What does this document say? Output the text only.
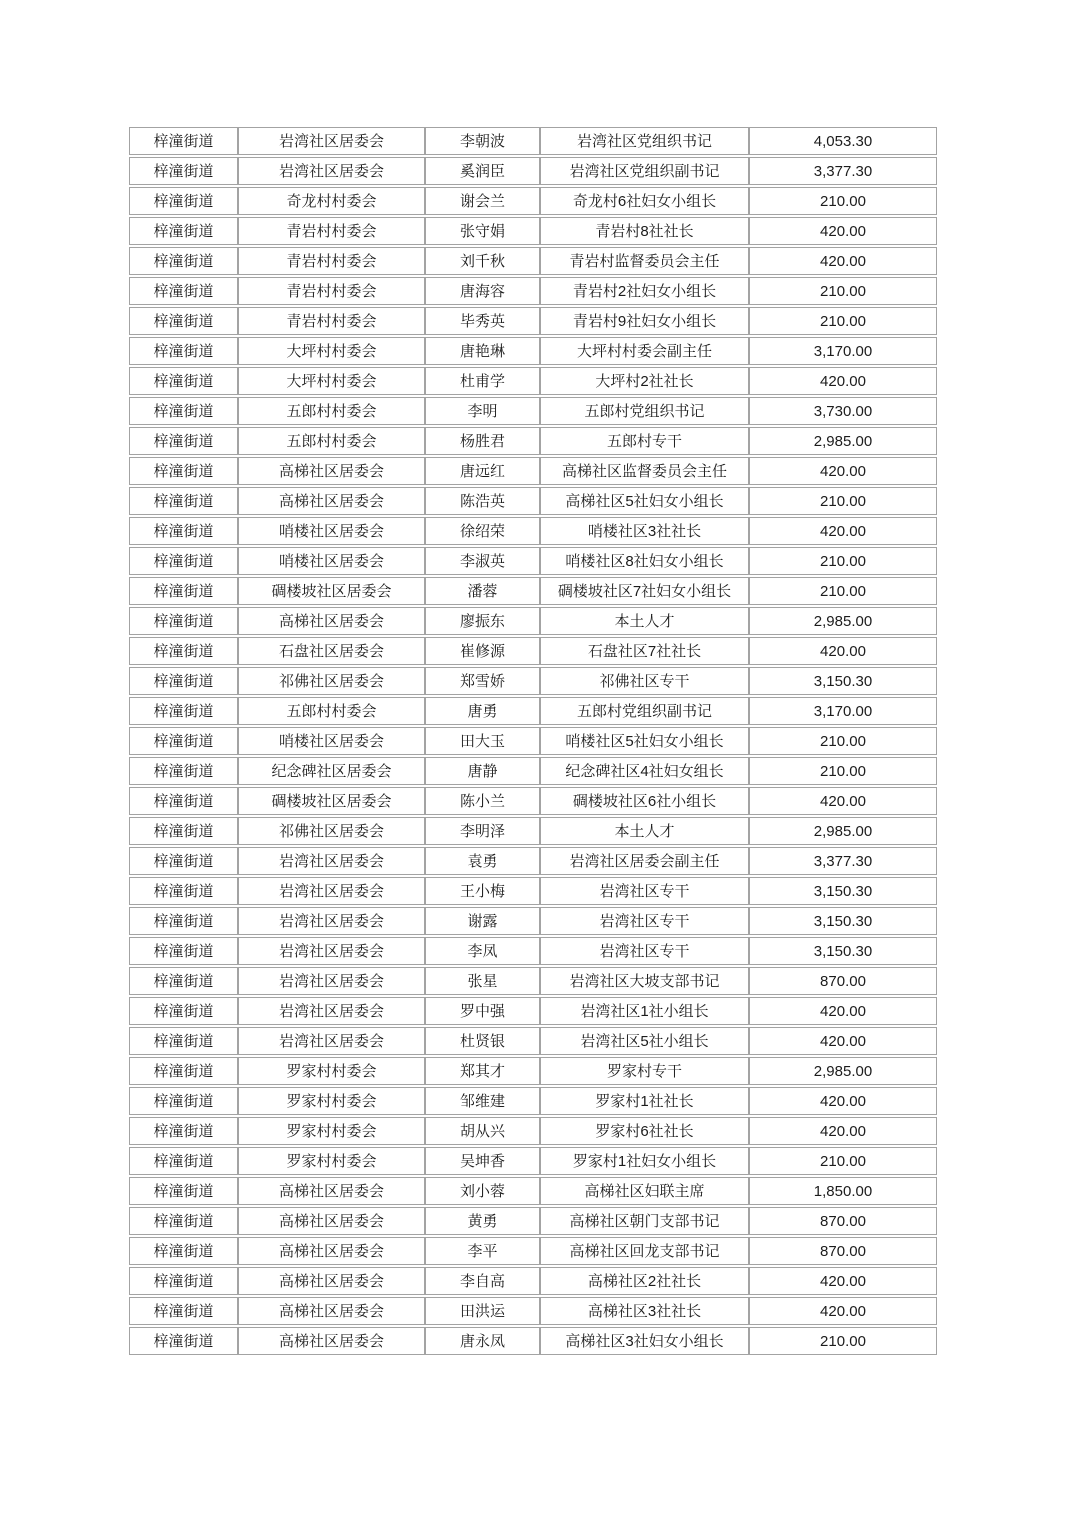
梓潼街道	岩湾社区居委会	李朝波	岩湾社区党组织书记	4,053.30
梓潼街道	岩湾社区居委会	奚润臣	岩湾社区党组织副书记	3,377.30
梓潼街道	奇龙村村委会	谢会兰	奇龙村6社妇女小组长	210.00
梓潼街道	青岩村村委会	张守娟	青岩村8社社长	420.00
梓潼街道	青岩村村委会	刘千秋	青岩村监督委员会主任	420.00
梓潼街道	青岩村村委会	唐海容	青岩村2社妇女小组长	210.00
梓潼街道	青岩村村委会	毕秀英	青岩村9社妇女小组长	210.00
梓潼街道	大坪村村委会	唐艳琳	大坪村村委会副主任	3,170.00
梓潼街道	大坪村村委会	杜甫学	大坪村2社社长	420.00
梓潼街道	五郎村村委会	李明	五郎村党组织书记	3,730.00
梓潼街道	五郎村村委会	杨胜君	五郎村专干	2,985.00
梓潼街道	高梯社区居委会	唐远红	高梯社区监督委员会主任	420.00
梓潼街道	高梯社区居委会	陈浩英	高梯社区5社妇女小组长	210.00
梓潼街道	哨楼社区居委会	徐绍荣	哨楼社区3社社长	420.00
梓潼街道	哨楼社区居委会	李淑英	哨楼社区8社妇女小组长	210.00
梓潼街道	碉楼坡社区居委会	潘蓉	碉楼坡社区7社妇女小组长	210.00
梓潼街道	高梯社区居委会	廖振东	本土人才	2,985.00
梓潼街道	石盘社区居委会	崔修源	石盘社区7社社长	420.00
梓潼街道	祁佛社区居委会	郑雪娇	祁佛社区专干	3,150.30
梓潼街道	五郎村村委会	唐勇	五郎村党组织副书记	3,170.00
梓潼街道	哨楼社区居委会	田大玉	哨楼社区5社妇女小组长	210.00
梓潼街道	纪念碑社区居委会	唐静	纪念碑社区4社妇女组长	210.00
梓潼街道	碉楼坡社区居委会	陈小兰	碉楼坡社区6社小组长	420.00
梓潼街道	祁佛社区居委会	李明泽	本土人才	2,985.00
梓潼街道	岩湾社区居委会	袁勇	岩湾社区居委会副主任	3,377.30
梓潼街道	岩湾社区居委会	王小梅	岩湾社区专干	3,150.30
梓潼街道	岩湾社区居委会	谢露	岩湾社区专干	3,150.30
梓潼街道	岩湾社区居委会	李凤	岩湾社区专干	3,150.30
梓潼街道	岩湾社区居委会	张星	岩湾社区大坡支部书记	870.00
梓潼街道	岩湾社区居委会	罗中强	岩湾社区1社小组长	420.00
梓潼街道	岩湾社区居委会	杜贤银	岩湾社区5社小组长	420.00
梓潼街道	罗家村村委会	郑其才	罗家村专干	2,985.00
梓潼街道	罗家村村委会	邹维建	罗家村1社社长	420.00
梓潼街道	罗家村村委会	胡从兴	罗家村6社社长	420.00
梓潼街道	罗家村村委会	吴坤香	罗家村1社妇女小组长	210.00
梓潼街道	高梯社区居委会	刘小蓉	高梯社区妇联主席	1,850.00
梓潼街道	高梯社区居委会	黄勇	高梯社区朝门支部书记	870.00
梓潼街道	高梯社区居委会	李平	高梯社区回龙支部书记	870.00
梓潼街道	高梯社区居委会	李自高	高梯社区2社社长	420.00
梓潼街道	高梯社区居委会	田洪运	高梯社区3社社长	420.00
梓潼街道	高梯社区居委会	唐永凤	高梯社区3社妇女小组长	210.00
